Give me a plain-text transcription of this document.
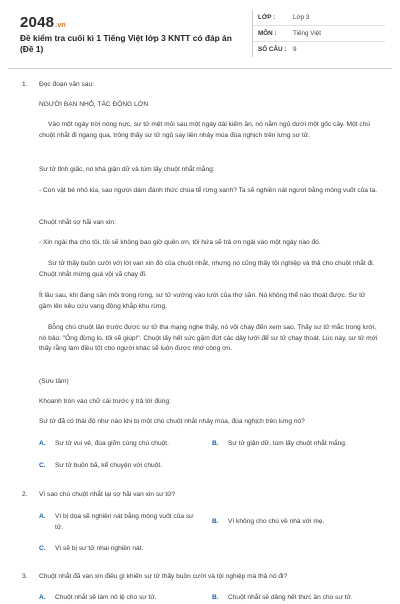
2048.vn
Đề kiểm tra cuối kì 1 Tiếng Việt lớp 3 KNTT có đáp án (Đề 1)
LỚP :	Lớp 3
MÔN :	Tiếng Việt
SỐ CÂU :	9
1.	Đọc đoạn văn sau:
NGƯỜI BẠN NHỎ, TÁC ĐỘNG LỚN
Vào một ngày trời nóng nực, sư tử mệt mỏi sau một ngày dài kiếm ăn, nó nằm ngủ dưới một gốc cây. Một chú chuột nhắt đi ngang qua, trông thấy sư tử ngủ say liền nhảy múa đùa nghịch trên lưng sư tử.
Sư tử tỉnh giấc, nó khá giận dữ và túm lấy chuột nhắt mắng:
- Con vật bé nhỏ kia, sao ngươi dám đánh thức chúa tể rừng xanh? Ta sẽ nghiền nát ngươi bằng móng vuốt của ta.
Chuột nhắt sợ hãi van xin:
- Xin ngài tha cho tôi, tôi sẽ không bao giờ quên ơn, tôi hứa sẽ trả ơn ngài vào một ngày nào đó.
Sư tử thấy buồn cười với lời van xin đó của chuột nhắt, nhưng nó cũng thấy tội nghiệp và thả cho chuột nhắt đi. Chuột nhắt mừng quá vội vã chạy đi.
Ít lâu sau, khi đang săn mồi trong rừng, sư tử vướng vào lưới của thợ săn. Nó không thể nào thoát được. Sư tử gầm lên kêu cứu vang động khắp khu rừng.
Bỗng chú chuột lần trước được sư tử tha mạng nghe thấy, nó vội chạy đến xem sao. Thấy sư tử mắc trong lưới, nó bảo: "Ông đừng lo, tôi sẽ giúp!". Chuột lấy hết sức gặm đứt các dây lưới để sư tử chạy thoát. Lúc này, sư tử mới thấy rằng làm điều tốt cho người khác sẽ luôn được nhớ công ơn.
(Sưu tầm)
Khoanh tròn vào chữ cái trước ý trả lời đúng:
Sư tử đã có thái độ như nào khi bị một chú chuột nhắt nhảy múa, đùa nghịch trên lưng nó?
A. Sư tử vui vẻ, đùa giỡn cùng chú chuột.	B. Sư tử giận dữ, túm lấy chuột nhắt mắng.
C. Sư tử buồn bã, kể chuyện với chuột.
2.	Vì sao chú chuột nhắt lại sợ hãi van xin sư tử?
A. Vì bị dọa sẽ nghiền nát bằng móng vuốt của sư tử.
B. Vì không cho chú về nhà với mẹ.
C. Vì sẽ bị sư tử nhai nghiền nát.
3.	Chuột nhắt đã van xin điều gì khiến sư tử thấy buồn cười và tội nghiệp mà thả nó đi?
A. Chuột nhắt sẽ làm nô lệ cho sư tử.	B. Chuột nhắt sẽ dâng hết thức ăn cho sư tử.
